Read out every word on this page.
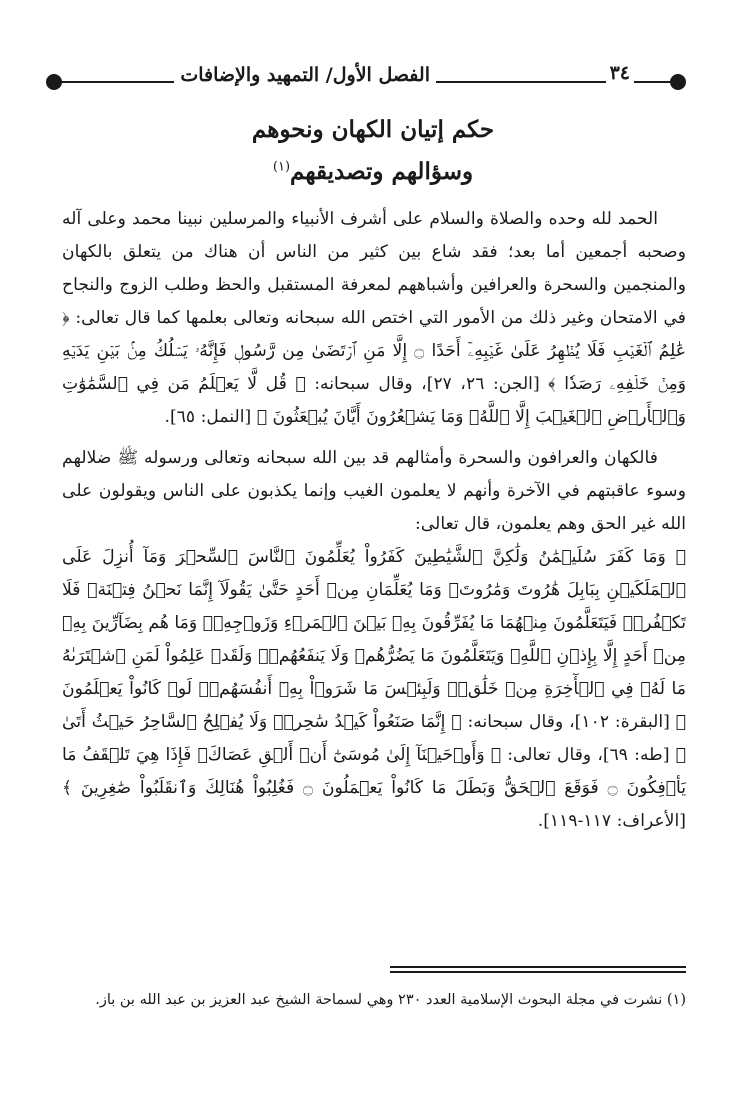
٣٤
الفصل الأول/ التمهيد والإضافات
حكم إتيان الكهان ونحوهم
وسؤالهم وتصديقهم$^{(١)}$

الحمد لله وحده والصلاة والسلام على أشرف الأنبياء والمرسلين نبينا محمد وعلى آله وصحبه أجمعين أما بعد؛ فقد شاع بين كثير من الناس أن هناك من يتعلق بالكهان والمنجمين والسحرة والعرافين وأشباههم لمعرفة المستقبل والحظ وطلب الزوج والنجاح في الامتحان وغير ذلك من الأمور التي اختص الله سبحانه وتعالى بعلمها كما قال تعالى: ﴿ عَٰلِمُ ٱلۡغَيۡبِ فَلَا يُظۡهِرُ عَلَىٰ غَيۡبِهِۦٓ أَحَدًا ۝ إِلَّا مَنِ ٱرۡتَضَىٰ مِن رَّسُولٖ فَإِنَّهُۥ يَسۡلُكُ مِنۢ بَيۡنِ يَدَيۡهِ وَمِنۡ خَلۡفِهِۦ رَصَدٗا ﴾ [الجن: ٢٦، ٢٧]، وقال سبحانه: ﴿ قُل لَّا يَعۡلَمُ مَن فِي ٱلسَّمَٰوَٰتِ وَٱلۡأَرۡضِ ٱلۡغَيۡبَ إِلَّا ٱللَّهُۚ وَمَا يَشۡعُرُونَ أَيَّانَ يُبۡعَثُونَ ﴾ [النمل: ٦٥].

فالكهان والعرافون والسحرة وأمثالهم قد بين الله سبحانه وتعالى ورسوله ﷺ ضلالهم وسوء عاقبتهم في الآخرة وأنهم لا يعلمون الغيب وإنما يكذبون على الناس ويقولون على الله غير الحق وهم يعلمون، قال تعالى:

﴿ وَمَا كَفَرَ سُلَيۡمَٰنُ وَلَٰكِنَّ ٱلشَّيَٰطِينَ كَفَرُواْ يُعَلِّمُونَ ٱلنَّاسَ ٱلسِّحۡرَ وَمَآ أُنزِلَ عَلَى ٱلۡمَلَكَيۡنِ بِبَابِلَ هَٰرُوتَ وَمَٰرُوتَۚ وَمَا يُعَلِّمَانِ مِنۡ أَحَدٍ حَتَّىٰ يَقُولَآ إِنَّمَا نَحۡنُ فِتۡنَةٞ فَلَا تَكۡفُرۡۖ فَيَتَعَلَّمُونَ مِنۡهُمَا مَا يُفَرِّقُونَ بِهِۦ بَيۡنَ ٱلۡمَرۡءِ وَزَوۡجِهِۦۚ وَمَا هُم بِضَآرِّينَ بِهِۦ مِنۡ أَحَدٍ إِلَّا بِإِذۡنِ ٱللَّهِۚ وَيَتَعَلَّمُونَ مَا يَضُرُّهُمۡ وَلَا يَنفَعُهُمۡۚ وَلَقَدۡ عَلِمُواْ لَمَنِ ٱشۡتَرَىٰهُ مَا لَهُۥ فِي ٱلۡأٓخِرَةِ مِنۡ خَلَٰقٖۚ وَلَبِئۡسَ مَا شَرَوۡاْ بِهِۦٓ أَنفُسَهُمۡۚ لَوۡ كَانُواْ يَعۡلَمُونَ ﴾ [البقرة: ١٠٢]، وقال سبحانه: ﴿ إِنَّمَا صَنَعُواْ كَيۡدُ سَٰحِرٖۖ وَلَا يُفۡلِحُ ٱلسَّاحِرُ حَيۡثُ أَتَىٰ ﴾ [طه: ٦٩]، وقال تعالى: ﴿ وَأَوۡحَيۡنَآ إِلَىٰ مُوسَىٰٓ أَنۡ أَلۡقِ عَصَاكَۖ فَإِذَا هِيَ تَلۡقَفُ مَا يَأۡفِكُونَ ۝ فَوَقَعَ ٱلۡحَقُّ وَبَطَلَ مَا كَانُواْ يَعۡمَلُونَ ۝ فَغُلِبُواْ هُنَالِكَ وَٱنقَلَبُواْ صَٰغِرِينَ ﴾ [الأعراف: ١١٧-١١٩].

(١) نشرت في مجلة البحوث الإسلامية العدد ٢٣٠ وهي لسماحة الشيخ عبد العزيز بن عبد الله بن باز.
